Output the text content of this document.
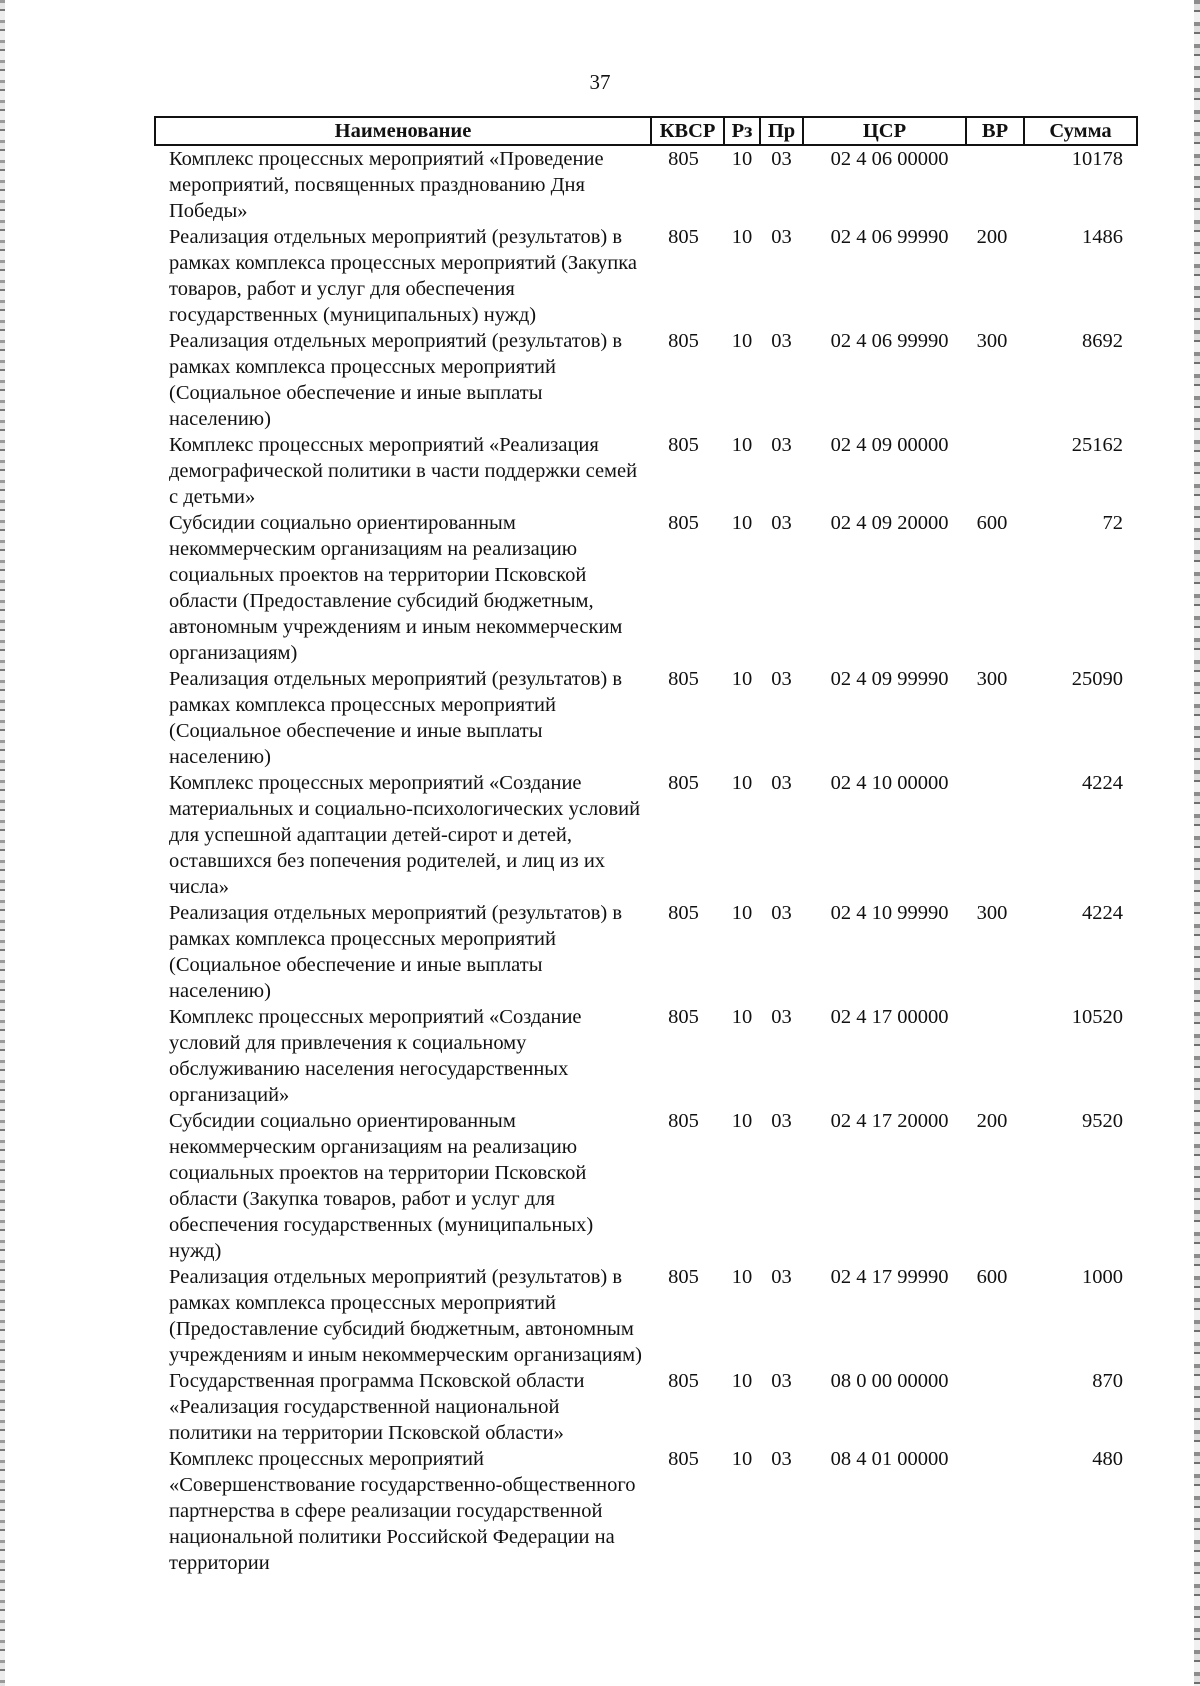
37
Наименование	КВСР	Рз	Пр	ЦСР	ВР	Сумма
Комплекс процессных мероприятий «Проведение мероприятий, посвященных празднованию Дня Победы»	805	10	03	02 4 06 00000		10178
Реализация отдельных мероприятий (результатов) в рамках комплекса процессных мероприятий (Закупка товаров, работ и услуг для обеспечения государственных (муниципальных) нужд)	805	10	03	02 4 06 99990	200	1486
Реализация отдельных мероприятий (результатов) в рамках комплекса процессных мероприятий (Социальное обеспечение и иные выплаты населению)	805	10	03	02 4 06 99990	300	8692
Комплекс процессных мероприятий «Реализация демографической политики в части поддержки семей с детьми»	805	10	03	02 4 09 00000		25162
Субсидии социально ориентированным некоммерческим организациям на реализацию социальных проектов на территории Псковской области (Предоставление субсидий бюджетным, автономным учреждениям и иным некоммерческим организациям)	805	10	03	02 4 09 20000	600	72
Реализация отдельных мероприятий (результатов) в рамках комплекса процессных мероприятий (Социальное обеспечение и иные выплаты населению)	805	10	03	02 4 09 99990	300	25090
Комплекс процессных мероприятий «Создание материальных и социально-психологических условий для успешной адаптации детей-сирот и детей, оставшихся без попечения родителей, и лиц из их числа»	805	10	03	02 4 10 00000		4224
Реализация отдельных мероприятий (результатов) в рамках комплекса процессных мероприятий (Социальное обеспечение и иные выплаты населению)	805	10	03	02 4 10 99990	300	4224
Комплекс процессных мероприятий «Создание условий для привлечения к социальному обслуживанию населения негосударственных организаций»	805	10	03	02 4 17 00000		10520
Субсидии социально ориентированным некоммерческим организациям на реализацию социальных проектов на территории Псковской области (Закупка товаров, работ и услуг для обеспечения государственных (муниципальных) нужд)	805	10	03	02 4 17 20000	200	9520
Реализация отдельных мероприятий (результатов) в рамках комплекса процессных мероприятий (Предоставление субсидий бюджетным, автономным учреждениям и иным некоммерческим организациям)	805	10	03	02 4 17 99990	600	1000
Государственная программа Псковской области «Реализация государственной национальной политики на территории Псковской области»	805	10	03	08 0 00 00000		870
Комплекс процессных мероприятий «Совершенствование государственно-общественного партнерства в сфере реализации государственной национальной политики Российской Федерации на территории	805	10	03	08 4 01 00000		480
